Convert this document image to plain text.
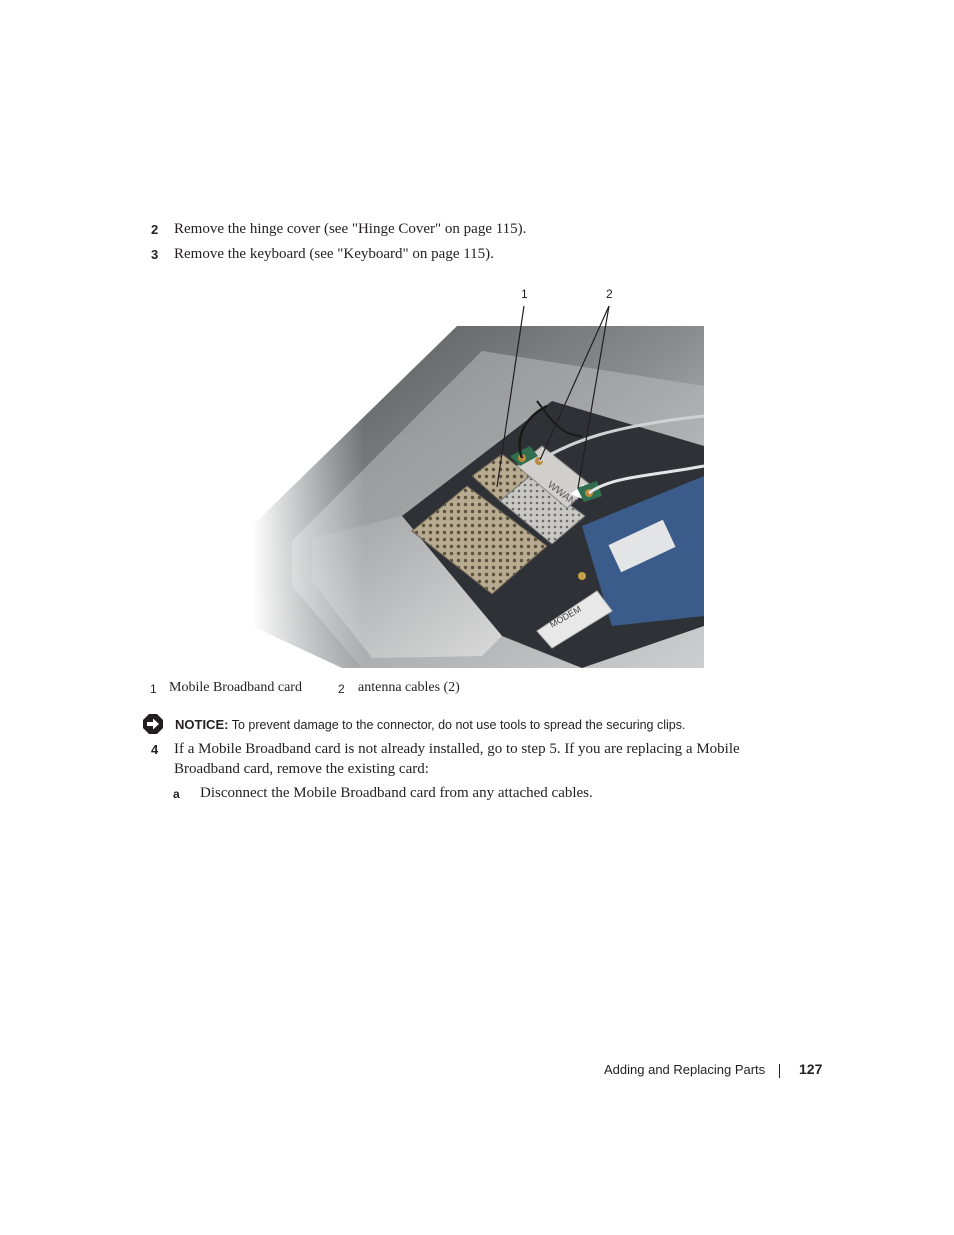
2 Remove the hinge cover (see "Hinge Cover" on page 115).
3 Remove the keyboard (see "Keyboard" on page 115).
1	2
1 Mobile Broadband card	2 antenna cables (2)
NOTICE: To prevent damage to the connector, do not use tools to spread the securing clips.
4 If a Mobile Broadband card is not already installed, go to step 5. If you are replacing a Mobile
Broadband card, remove the existing card:
a Disconnect the Mobile Broadband card from any attached cables.
Adding and Replacing Parts 127
